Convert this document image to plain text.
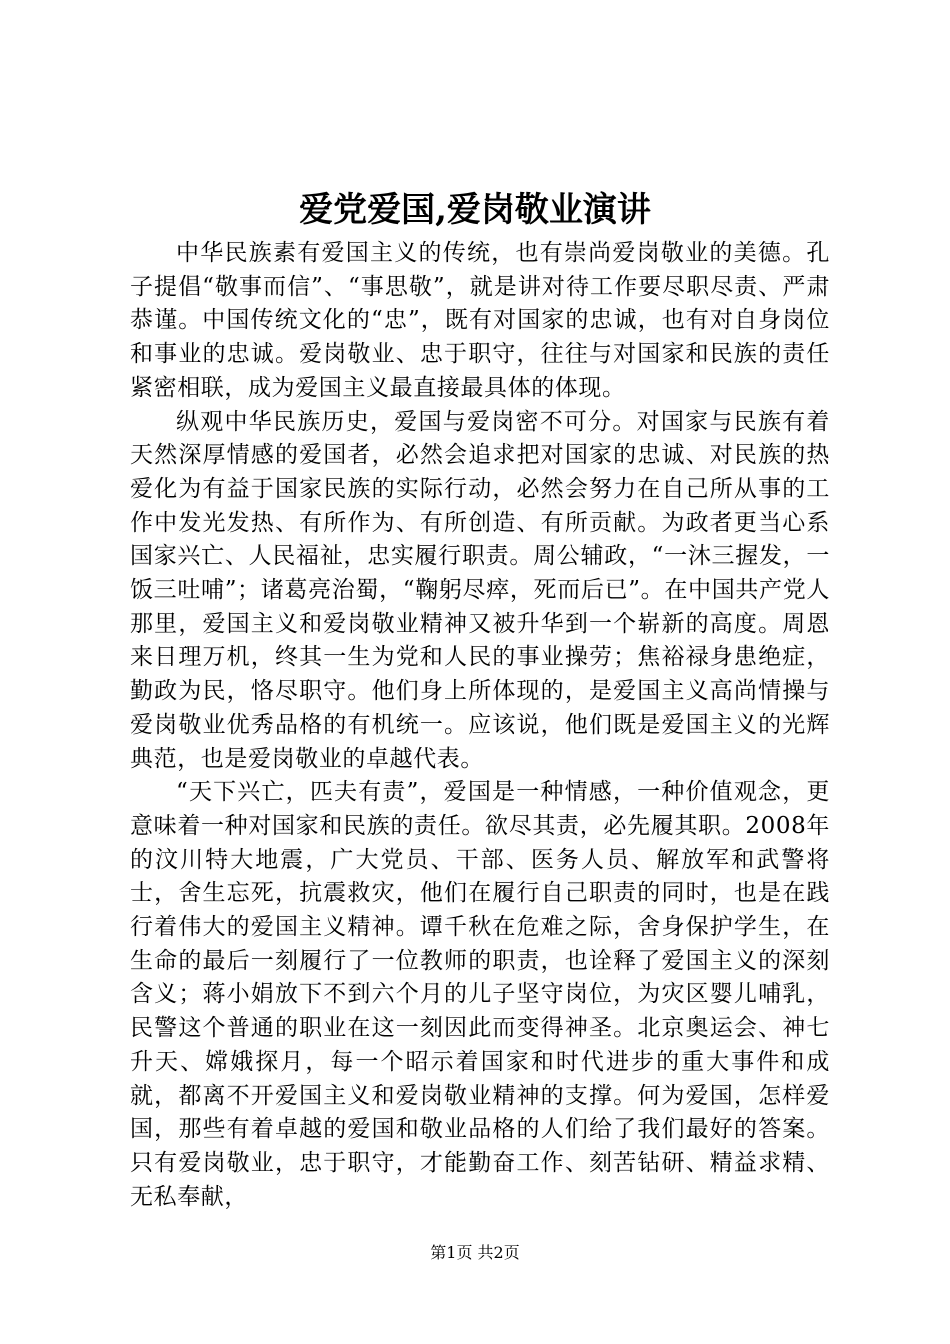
爱党爱国,爱岗敬业演讲

中华民族素有爱国主义的传统，也有崇尚爱岗敬业的美德。孔子提倡“敬事而信”、“事思敬”，就是讲对待工作要尽职尽责、严肃恭谨。中国传统文化的“忠”，既有对国家的忠诚，也有对自身岗位和事业的忠诚。爱岗敬业、忠于职守，往往与对国家和民族的责任紧密相联，成为爱国主义最直接最具体的体现。

纵观中华民族历史，爱国与爱岗密不可分。对国家与民族有着天然深厚情感的爱国者，必然会追求把对国家的忠诚、对民族的热爱化为有益于国家民族的实际行动，必然会努力在自己所从事的工作中发光发热、有所作为、有所创造、有所贡献。为政者更当心系国家兴亡、人民福祉，忠实履行职责。周公辅政，“一沐三握发，一饭三吐哺”；诸葛亮治蜀，“鞠躬尽瘁，死而后已”。在中国共产党人那里，爱国主义和爱岗敬业精神又被升华到一个崭新的高度。周恩来日理万机，终其一生为党和人民的事业操劳；焦裕禄身患绝症，勤政为民，恪尽职守。他们身上所体现的，是爱国主义高尚情操与爱岗敬业优秀品格的有机统一。应该说，他们既是爱国主义的光辉典范，也是爱岗敬业的卓越代表。

“天下兴亡，匹夫有责”，爱国是一种情感，一种价值观念，更意味着一种对国家和民族的责任。欲尽其责，必先履其职。2008年的汶川特大地震，广大党员、干部、医务人员、解放军和武警将士，舍生忘死，抗震救灾，他们在履行自己职责的同时，也是在践行着伟大的爱国主义精神。谭千秋在危难之际，舍身保护学生，在生命的最后一刻履行了一位教师的职责，也诠释了爱国主义的深刻含义；蒋小娟放下不到六个月的儿子坚守岗位，为灾区婴儿哺乳，民警这个普通的职业在这一刻因此而变得神圣。北京奥运会、神七升天、嫦娥探月，每一个昭示着国家和时代进步的重大事件和成就，都离不开爱国主义和爱岗敬业精神的支撑。何为爱国，怎样爱国，那些有着卓越的爱国和敬业品格的人们给了我们最好的答案。只有爱岗敬业，忠于职守，才能勤奋工作、刻苦钻研、精益求精、无私奉献，

第1页 共2页
